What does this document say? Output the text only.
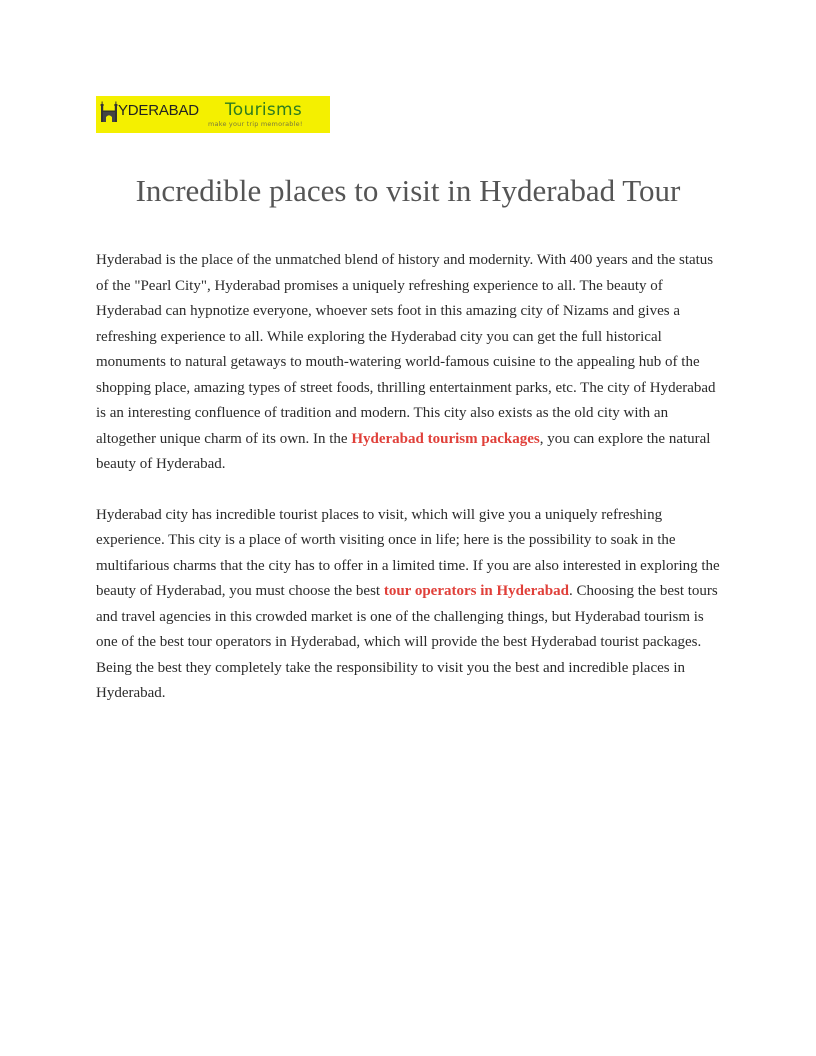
YDERABAD Tourisms
make your trip memorable!
Incredible places to visit in Hyderabad Tour

Hyderabad is the place of the unmatched blend of history and modernity. With 400 years and the status of the "Pearl City", Hyderabad promises a uniquely refreshing experience to all. The beauty of Hyderabad can hypnotize everyone, whoever sets foot in this amazing city of Nizams and gives a refreshing experience to all. While exploring the Hyderabad city you can get the full historical monuments to natural getaways to mouth-watering world-famous cuisine to the appealing hub of the shopping place, amazing types of street foods, thrilling entertainment parks, etc. The city of Hyderabad is an interesting confluence of tradition and modern. This city also exists as the old city with an altogether unique charm of its own. In the Hyderabad tourism packages, you can explore the natural beauty of Hyderabad.

Hyderabad city has incredible tourist places to visit, which will give you a uniquely refreshing experience. This city is a place of worth visiting once in life; here is the possibility to soak in the multifarious charms that the city has to offer in a limited time. If you are also interested in exploring the beauty of Hyderabad, you must choose the best tour operators in Hyderabad. Choosing the best tours and travel agencies in this crowded market is one of the challenging things, but Hyderabad tourism is one of the best tour operators in Hyderabad, which will provide the best Hyderabad tourist packages. Being the best they completely take the responsibility to visit you the best and incredible places in Hyderabad.
